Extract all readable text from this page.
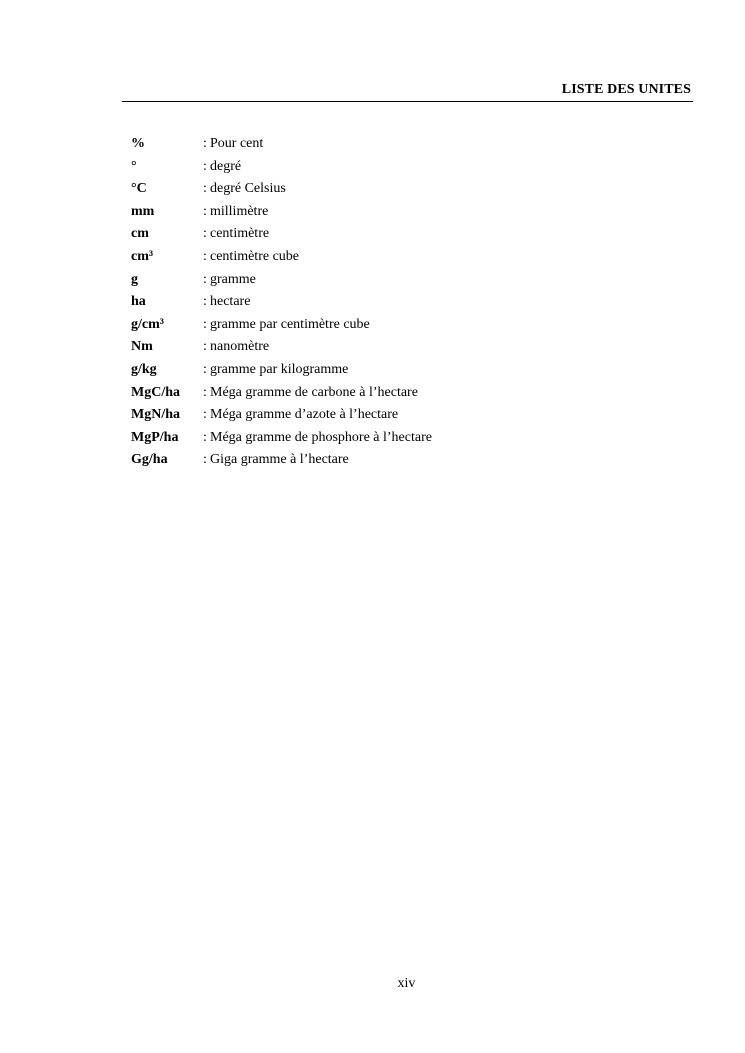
LISTE DES UNITES
%	: Pour cent
°	: degré
°C	: degré Celsius
mm	: millimètre
cm	: centimètre
cm³	: centimètre cube
g	: gramme
ha	: hectare
g/cm³	: gramme par centimètre cube
Nm	: nanomètre
g/kg	: gramme par kilogramme
MgC/ha	: Méga gramme de carbone à l’hectare
MgN/ha	: Méga gramme d’azote à l’hectare
MgP/ha	: Méga gramme de phosphore à l’hectare
Gg/ha	: Giga gramme à l’hectare
xiv
